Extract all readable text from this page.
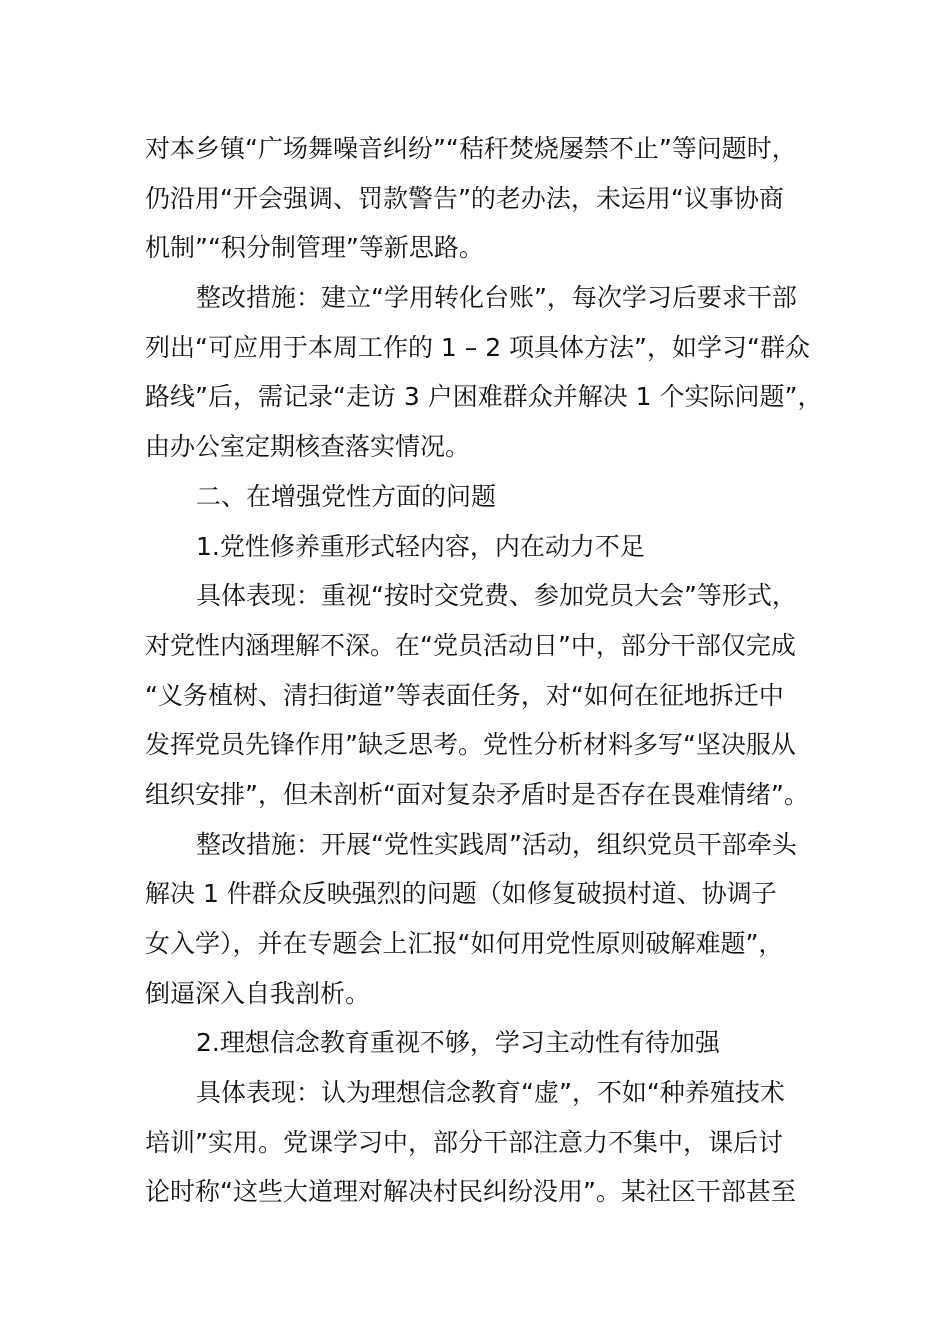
对本乡镇“广场舞噪音纠纷”“秸秆焚烧屡禁不止”等问题时，

仍沿用“开会强调、罚款警告”的老办法，未运用“议事协商

机制”“积分制管理”等新思路。

整改措施：建立“学用转化台账”，每次学习后要求干部

列出“可应用于本周工作的 1 – 2 项具体方法”，如学习“群众

路线”后，需记录“走访 3 户困难群众并解决 1 个实际问题”，

由办公室定期核查落实情况。

二、在增强党性方面的问题

1.党性修养重形式轻内容，内在动力不足

具体表现：重视“按时交党费、参加党员大会”等形式，

对党性内涵理解不深。在“党员活动日”中，部分干部仅完成

“义务植树、清扫街道”等表面任务，对“如何在征地拆迁中

发挥党员先锋作用”缺乏思考。党性分析材料多写“坚决服从

组织安排”，但未剖析“面对复杂矛盾时是否存在畏难情绪”。

整改措施：开展“党性实践周”活动，组织党员干部牵头

解决 1 件群众反映强烈的问题（如修复破损村道、协调子

女入学），并在专题会上汇报“如何用党性原则破解难题”，

倒逼深入自我剖析。

2.理想信念教育重视不够，学习主动性有待加强

具体表现：认为理想信念教育“虚”，不如“种养殖技术

培训”实用。党课学习中，部分干部注意力不集中，课后讨

论时称“这些大道理对解决村民纠纷没用”。某社区干部甚至
